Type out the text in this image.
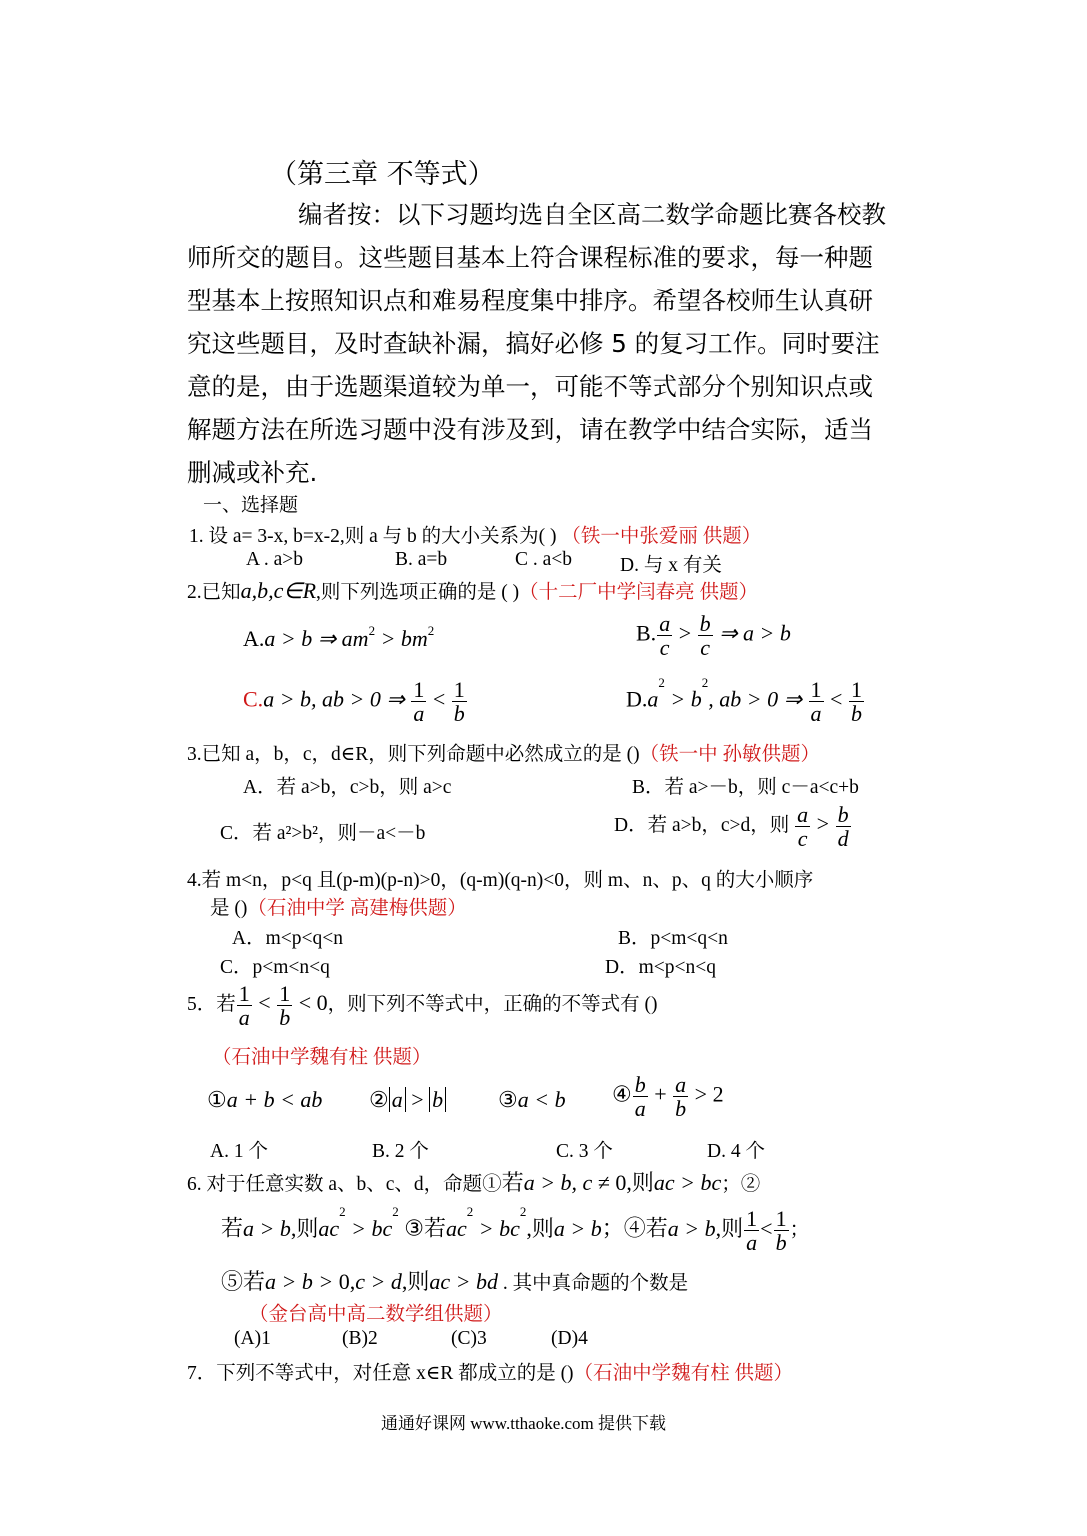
（第三章 不等式）
编者按：以下习题均选自全区高二数学命题比赛各校教
师所交的题目。这些题目基本上符合课程标准的要求，每一种题
型基本上按照知识点和难易程度集中排序。希望各校师生认真研
究这些题目，及时查缺补漏，搞好必修 5 的复习工作。同时要注
意的是，由于选题渠道较为单一，可能不等式部分个别知识点或
解题方法在所选习题中没有涉及到，请在教学中结合实际，适当
删减或补充.
一、选择题
1. 设 a= 3-x, b=x-2,则 a 与 b 的大小关系为( ) （铁一中张爱丽 供题）
A . a>b	B. a=b	C . a<b D. 与 x 有关
2.已知a,b,c∈R,则下列选项正确的是 ( )（十二厂中学闫春亮 供题）
A.a > b ⇒ $am^2 > bm^2$	B. $\frac{a}{c} > \frac{b}{c}$ ⇒ a > b
C.a > b, ab > 0 ⇒ $\frac{1}{a} < \frac{1}{b}$	$D.a^2 > b^2$, ab > 0 ⇒ $\frac{1}{a} < \frac{1}{b}$
3.已知 a，b，c，d∈R，则下列命题中必然成立的是 ()（铁一中 孙敏供题）
A．若 a>b，c>b，则 a>c	B．若 a>－b，则 c－a<c+b
C．若 a²>b²，则－a<－b	D．若 a>b，c>d，则 $\frac{a}{c} > \frac{b}{d}$
4.若 m<n，p<q 且(p-m)(p-n)>0，(q-m)(q-n)<0，则 m、n、p、q 的大小顺序
是 ()（石油中学 高建梅供题）
A．m<p<q<n	B．p<m<q<n
C．p<m<n<q	D．m<p<n<q
5．若 $\frac{1}{a} < \frac{1}{b} < 0$，则下列不等式中，正确的不等式有 ()
（石油中学魏有柱 供题）
①a + b < ab ② a > b ③a < b ④ $\frac{b}{a} + \frac{a}{b} > 2$
A. 1 个	B. 2 个	C. 3 个	D. 4 个
6. 对于任意实数 a、b、c、d，命题①若a > b, c ≠ 0,则ac > bc；②
若a > b,则$ac^2 > bc^2$ ③若$ac^2 > bc^2$,则a > b；④若a > b,则 $\frac{1}{a} < \frac{1}{b}$ ；
⑤若a > b > 0,c > d,则ac > bd . 其中真命题的个数是
（金台高中高二数学组供题）
(A)1	(B)2	(C)3	(D)4
7．下列不等式中，对任意 x∈R 都成立的是 ()（石油中学魏有柱 供题）
通通好课网 www.tthaoke.com 提供下载
